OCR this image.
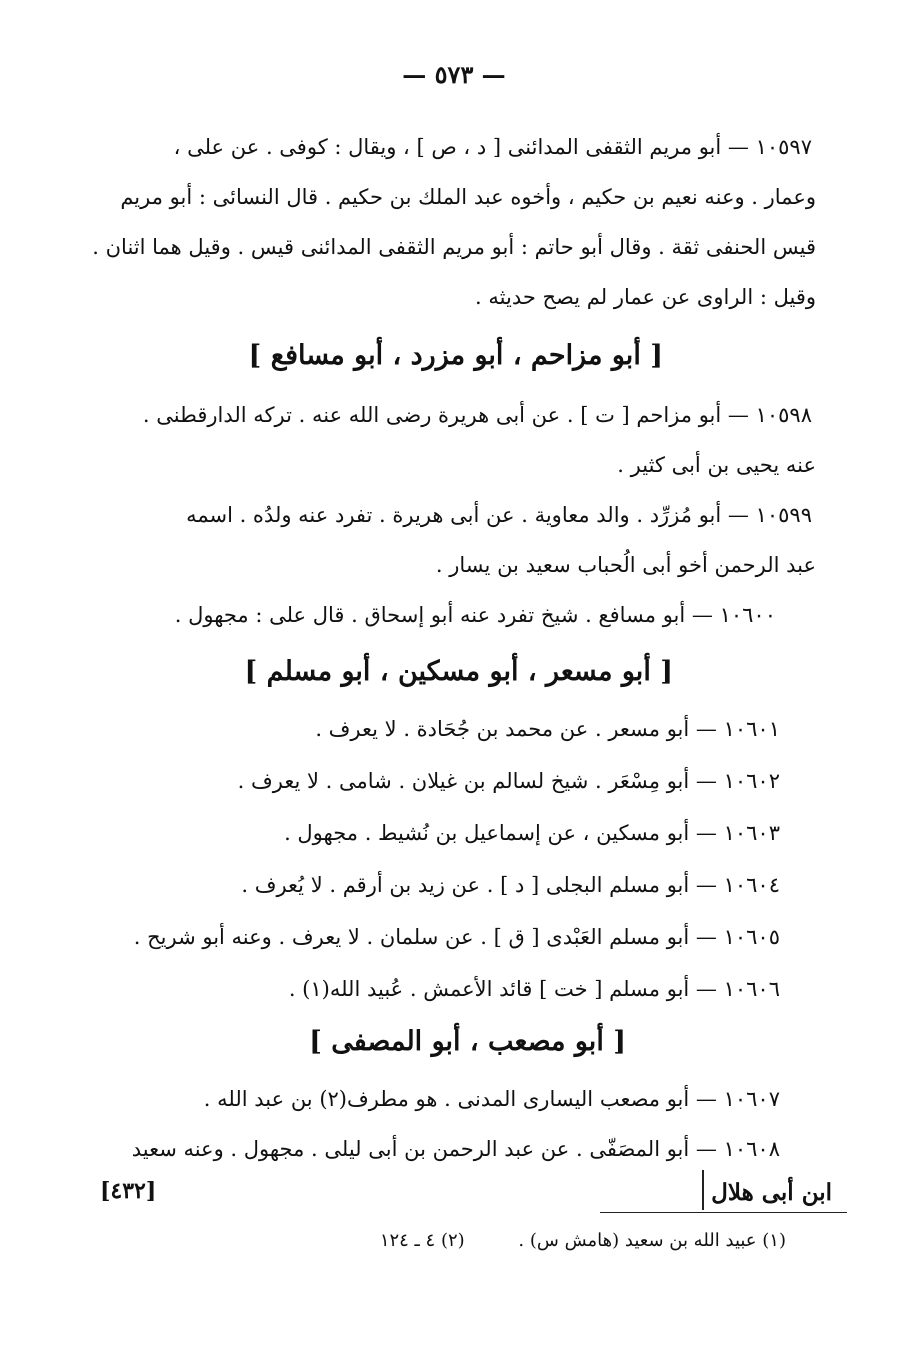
— ٥٧٣ —
١٠٥٩٧ — أبو مريم الثقفى المدائنى [ د ، ص ] ، ويقال : كوفى . عن على ،
وعمار . وعنه نعيم بن حكيم ، وأخوه عبد الملك بن حكيم . قال النسائى : أبو مريم
قيس الحنفى ثقة . وقال أبو حاتم : أبو مريم الثقفى المدائنى قيس . وقيل هما اثنان .
وقيل : الراوى عن عمار لم يصح حديثه .
[ أبو مزاحم ، أبو مزرد ، أبو مسافع ]
١٠٥٩٨ — أبو مزاحم [ ت ] . عن أبى هريرة رضى الله عنه . تركه الدارقطنى .
عنه يحيى بن أبى كثير .
١٠٥٩٩ — أبو مُزرِّد . والد معاوية . عن أبى هريرة . تفرد عنه ولدُه . اسمه
عبد الرحمن أخو أبى الُحباب سعيد بن يسار .
١٠٦٠٠ — أبو مسافع . شيخ تفرد عنه أبو إسحاق . قال على : مجهول .
[ أبو مسعر ، أبو مسكين ، أبو مسلم ]
١٠٦٠١ — أبو مسعر . عن محمد بن جُحَادة . لا يعرف .
١٠٦٠٢ — أبو مِسْعَر . شيخ لسالم بن غيلان . شامى . لا يعرف .
١٠٦٠٣ — أبو مسكين ، عن إسماعيل بن نُشيط . مجهول .
١٠٦٠٤ — أبو مسلم البجلى [ د ] . عن زيد بن أرقم . لا يُعرف .
١٠٦٠٥ — أبو مسلم العَبْدى [ ق ] . عن سلمان . لا يعرف . وعنه أبو شريح .
١٠٦٠٦ — أبو مسلم [ خت ] قائد الأعمش . عُبيد الله(١) .
[ أبو مصعب ، أبو المصفى ]
١٠٦٠٧ — أبو مصعب اليسارى المدنى . هو مطرف(٢) بن عبد الله .
١٠٦٠٨ — أبو المصَفّى . عن عبد الرحمن بن أبى ليلى . مجهول . وعنه سعيد
ابن أبى هلال
[٤٣٢]
(١) عبيد الله بن سعيد (هامش س) . (٢) ٤ ـ ١٢٤
